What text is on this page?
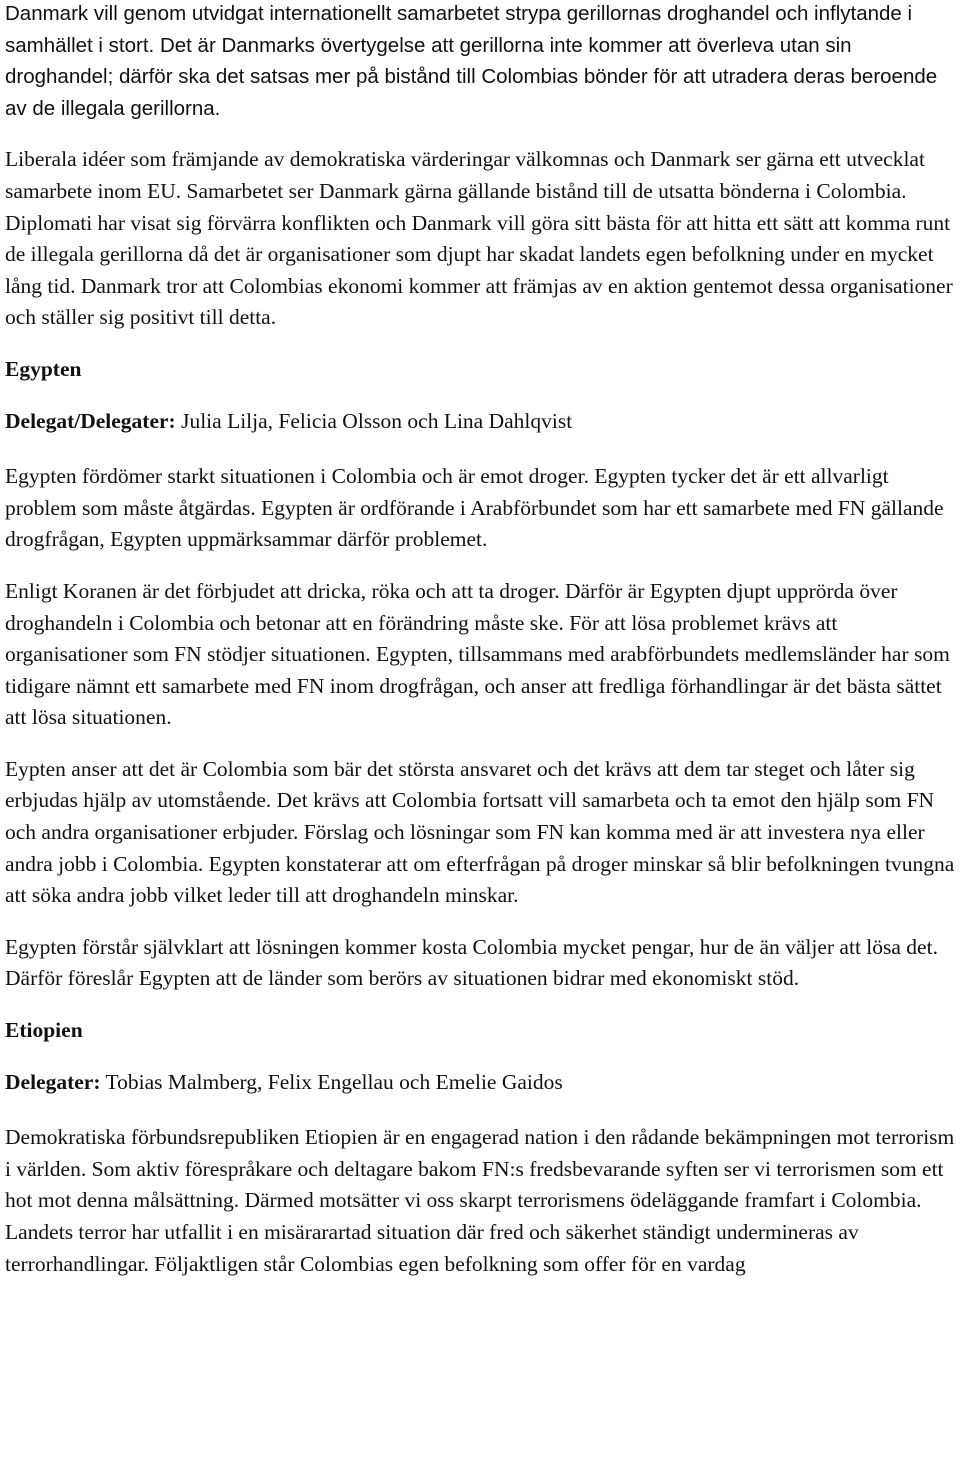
Danmark vill genom utvidgat internationellt samarbetet strypa gerillornas droghandel och inflytande i samhället i stort. Det är Danmarks övertygelse att gerillorna inte kommer att överleva utan sin droghandel; därför ska det satsas mer på bistånd till Colombias bönder för att utradera deras beroende av de illegala gerillorna.

Liberala idéer som främjande av demokratiska värderingar välkomnas och Danmark ser gärna ett utvecklat samarbete inom EU. Samarbetet ser Danmark gärna gällande bistånd till de utsatta bönderna i Colombia. Diplomati har visat sig förvärra konflikten och Danmark vill göra sitt bästa för att hitta ett sätt att komma runt de illegala gerillorna då det är organisationer som djupt har skadat landets egen befolkning under en mycket lång tid. Danmark tror att Colombias ekonomi kommer att främjas av en aktion gentemot dessa organisationer och ställer sig positivt till detta.

Egypten

Delegat/Delegater: Julia Lilja, Felicia Olsson och Lina Dahlqvist

Egypten fördömer starkt situationen i Colombia och är emot droger. Egypten tycker det är ett allvarligt problem som måste åtgärdas. Egypten är ordförande i Arabförbundet som har ett samarbete med FN gällande drogfrågan, Egypten uppmärksammar därför problemet.

Enligt Koranen är det förbjudet att dricka, röka och att ta droger. Därför är Egypten djupt upprörda över droghandeln i Colombia och betonar att en förändring måste ske. För att lösa problemet krävs att organisationer som FN stödjer situationen. Egypten, tillsammans med arabförbundets medlemsländer har som tidigare nämnt ett samarbete med FN inom drogfrågan, och anser att fredliga förhandlingar är det bästa sättet att lösa situationen.

Eypten anser att det är Colombia som bär det största ansvaret och det krävs att dem tar steget och låter sig erbjudas hjälp av utomstående. Det krävs att Colombia fortsatt vill samarbeta och ta emot den hjälp som FN och andra organisationer erbjuder. Förslag och lösningar som FN kan komma med är att investera nya eller andra jobb i Colombia. Egypten konstaterar att om efterfrågan på droger minskar så blir befolkningen tvungna att söka andra jobb vilket leder till att droghandeln minskar.

Egypten förstår självklart att lösningen kommer kosta Colombia mycket pengar, hur de än väljer att lösa det. Därför föreslår Egypten att de länder som berörs av situationen bidrar med ekonomiskt stöd.

Etiopien

Delegater: Tobias Malmberg, Felix Engellau och Emelie Gaidos

Demokratiska förbundsrepubliken Etiopien är en engagerad nation i den rådande bekämpningen mot terrorism i världen. Som aktiv förespråkare och deltagare bakom FN:s fredsbevarande syften ser vi terrorismen som ett hot mot denna målsättning. Därmed motsätter vi oss skarpt terrorismens ödeläggande framfart i Colombia. Landets terror har utfallit i en misärarartad situation där fred och säkerhet ständigt undermineras av terrorhandlingar. Följaktligen står Colombias egen befolkning som offer för en vardag
